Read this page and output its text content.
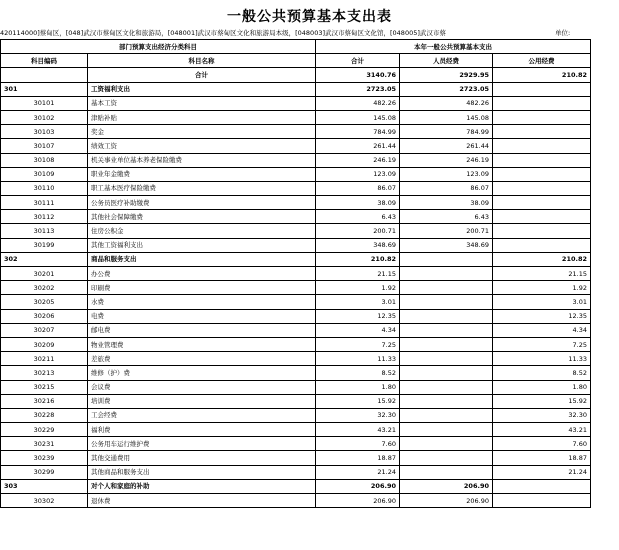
一般公共预算基本支出表
420114000]蔡甸区，[048]武汉市蔡甸区文化和旅游局，[048001]武汉市蔡甸区文化和旅游局本级，[048003]武汉市蔡甸区文化馆，[048005]武汉市蔡	单位:
部门预算支出经济分类科目		本年一般公共预算基本支出		
科目编码	科目名称	合计	人员经费	公用经费
	合计	3140.76	2929.95	210.82
301	工资福利支出	2723.05	2723.05	
30101	基本工资	482.26	482.26	
30102	津贴补贴	145.08	145.08	
30103	奖金	784.99	784.99	
30107	绩效工资	261.44	261.44	
30108	机关事业单位基本养老保险缴费	246.19	246.19	
30109	职业年金缴费	123.09	123.09	
30110	职工基本医疗保险缴费	86.07	86.07	
30111	公务员医疗补助缴费	38.09	38.09	
30112	其他社会保障缴费	6.43	6.43	
30113	住房公积金	200.71	200.71	
30199	其他工资福利支出	348.69	348.69	
302	商品和服务支出	210.82		210.82
30201	办公费	21.15		21.15
30202	印刷费	1.92		1.92
30205	水费	3.01		3.01
30206	电费	12.35		12.35
30207	邮电费	4.34		4.34
30209	物业管理费	7.25		7.25
30211	差旅费	11.33		11.33
30213	维修（护）费	8.52		8.52
30215	会议费	1.80		1.80
30216	培训费	15.92		15.92
30228	工会经费	32.30		32.30
30229	福利费	43.21		43.21
30231	公务用车运行维护费	7.60		7.60
30239	其他交通费用	18.87		18.87
30299	其他商品和服务支出	21.24		21.24
303	对个人和家庭的补助	206.90	206.90	
30302	退休费	206.90	206.90	
